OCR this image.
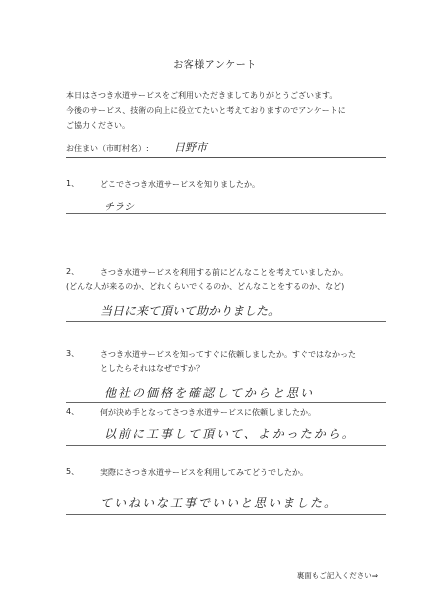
お客様アンケート
本日はさつき水道サービスをご利用いただきましてありがとうございます。
今後のサービス、技術の向上に役立てたいと考えておりますのでアンケートに
ご協力ください。
お住まい（市町村名）: 日野市
1、	どこでさつき水道サービスを知りましたか。
チラシ
2、	さつき水道サービスを利用する前にどんなことを考えていましたか。
(どんな人が来るのか、どれくらいでくるのか、どんなことをするのか、など)
当日に来て頂いて助かりました。
3、	さつき水道サービスを知ってすぐに依頼しましたか。すぐではなかった
としたらそれはなぜですか？
他社の価格を確認してからと思い
4、	何が決め手となってさつき水道サービスに依頼しましたか。
以前に工事して頂いて、よかったから。
5、	実際にさつき水道サービスを利用してみてどうでしたか。
ていねいな工事でいいと思いました。
裏面もご記入ください⇒
